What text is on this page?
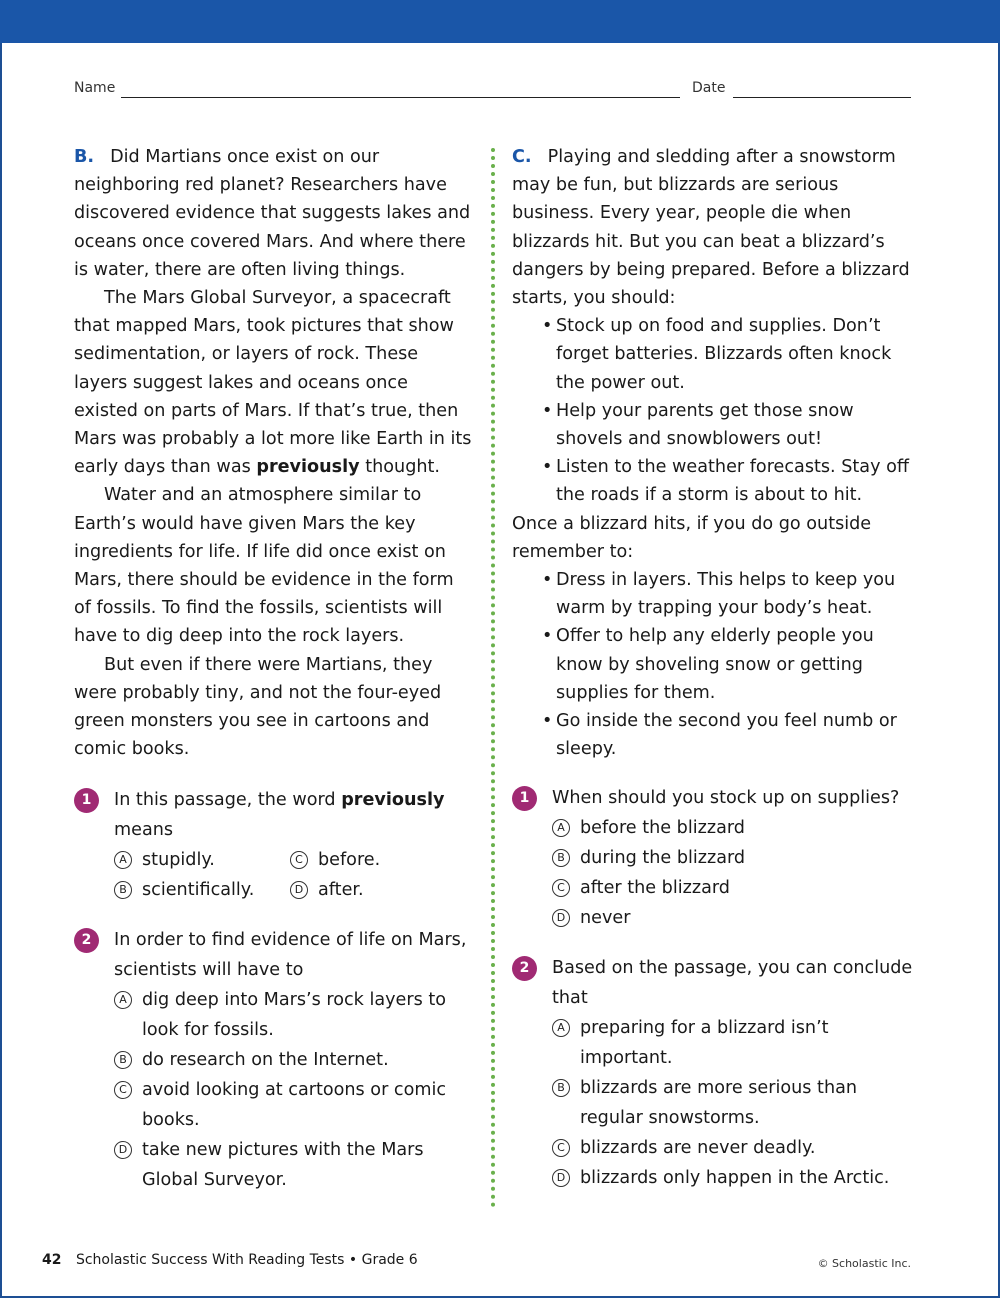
Name	Date

B. Did Martians once exist on our neighboring red planet? Researchers have discovered evidence that suggests lakes and oceans once covered Mars. And where there is water, there are often living things.

The Mars Global Surveyor, a spacecraft that mapped Mars, took pictures that show sedimentation, or layers of rock. These layers suggest lakes and oceans once existed on parts of Mars. If that’s true, then Mars was probably a lot more like Earth in its early days than was previously thought.

Water and an atmosphere similar to Earth’s would have given Mars the key ingredients for life. If life did once exist on Mars, there should be evidence in the form of fossils. To find the fossils, scientists will have to dig deep into the rock layers.

But even if there were Martians, they were probably tiny, and not the four-eyed green monsters you see in cartoons and comic books.

1	In this passage, the word previously means
A stupidly.	C before.
B scientifically.	D after.
2	In order to find evidence of life on Mars, scientists will have to
A dig deep into Mars’s rock layers to look for fossils.
B do research on the Internet.
C avoid looking at cartoons or comic books.
D take new pictures with the Mars Global Surveyor.

C. Playing and sledding after a snowstorm may be fun, but blizzards are serious business. Every year, people die when blizzards hit. But you can beat a blizzard’s dangers by being prepared. Before a blizzard starts, you should:

• Stock up on food and supplies. Don’t forget batteries. Blizzards often knock the power out.
• Help your parents get those snow shovels and snowblowers out!
• Listen to the weather forecasts. Stay off the roads if a storm is about to hit.

Once a blizzard hits, if you do go outside remember to:

• Dress in layers. This helps to keep you warm by trapping your body’s heat.
• Offer to help any elderly people you know by shoveling snow or getting supplies for them.
• Go inside the second you feel numb or sleepy.
1	When should you stock up on supplies?
A before the blizzard
B during the blizzard
C after the blizzard
D never
2	Based on the passage, you can conclude that
A preparing for a blizzard isn’t important.
B blizzards are more serious than regular snowstorms.
C blizzards are never deadly.
D blizzards only happen in the Arctic.
42 Scholastic Success With Reading Tests • Grade 6	© Scholastic Inc.
